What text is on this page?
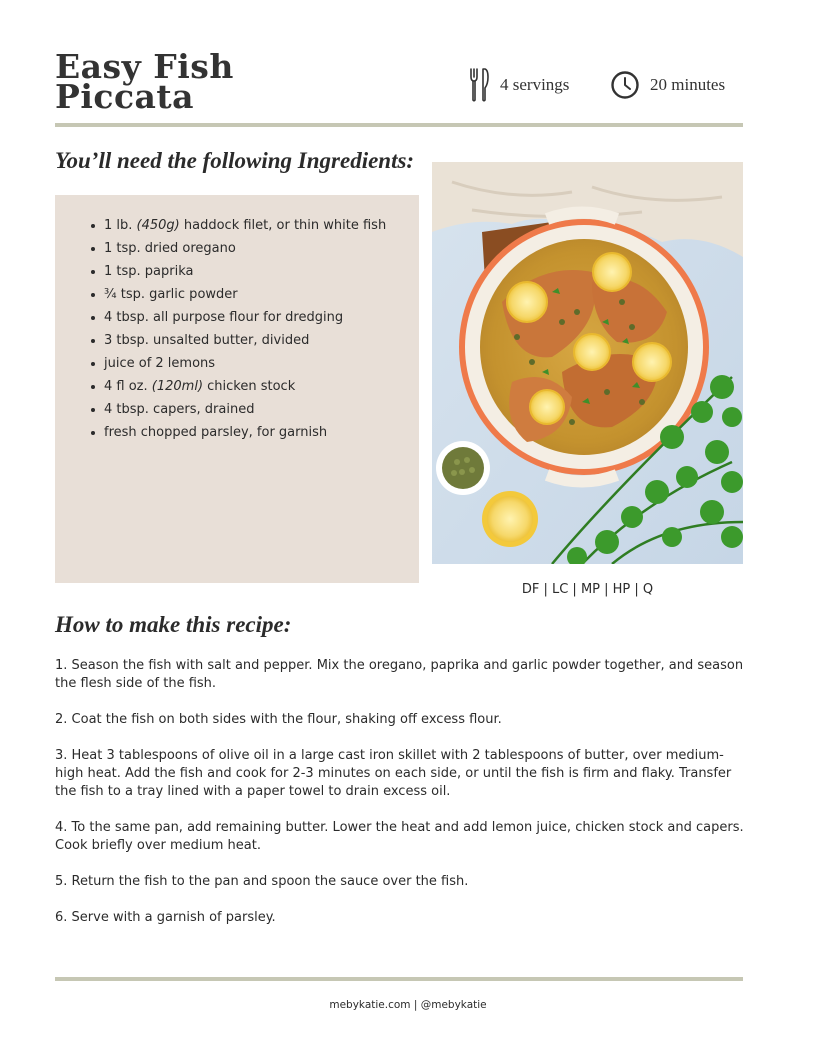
Easy Fish
Piccata	4 servings	20 minutes
You’ll need the following Ingredients:
1 lb. (450g) haddock filet, or thin white fish
1 tsp. dried oregano
1 tsp. paprika
¾ tsp. garlic powder
4 tbsp. all purpose flour for dredging
3 tbsp. unsalted butter, divided
juice of 2 lemons
4 fl oz. (120ml) chicken stock
4 tbsp. capers, drained
fresh chopped parsley, for garnish
DF | LC | MP | HP | Q
How to make this recipe:

1. Season the fish with salt and pepper. Mix the oregano, paprika and garlic powder together, and season the flesh side of the fish.

2. Coat the fish on both sides with the flour, shaking off excess flour.

3. Heat 3 tablespoons of olive oil in a large cast iron skillet with 2 tablespoons of butter, over medium-high heat. Add the fish and cook for 2-3 minutes on each side, or until the fish is firm and flaky. Transfer the fish to a tray lined with a paper towel to drain excess oil.

4. To the same pan, add remaining butter. Lower the heat and add lemon juice, chicken stock and capers. Cook briefly over medium heat.

5. Return the fish to the pan and spoon the sauce over the fish.

6. Serve with a garnish of parsley.

mebykatie.com | @mebykatie
